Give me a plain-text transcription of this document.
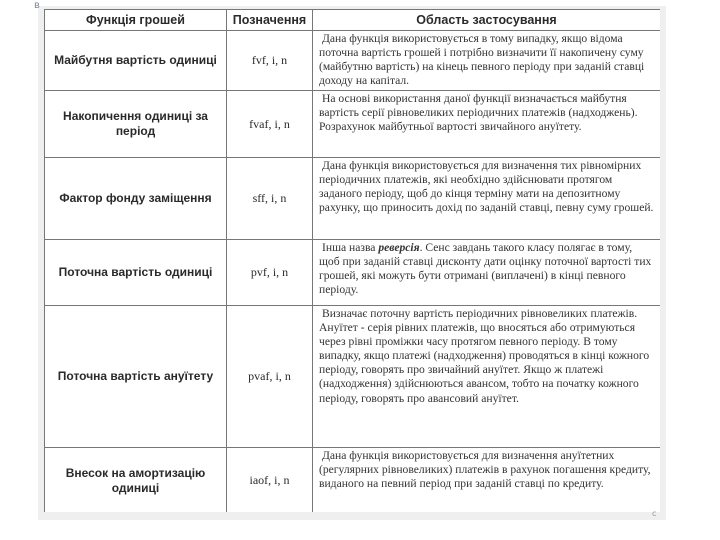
в
Функція грошей	Позначення	Область застосування
Майбутня вартість одиниці	fvf, i, n	Дана функція використовується в тому випадку, якщо відома поточна вартість грошей і потрібно визначити її накопичену суму (майбутню вартість) на кінець певного періоду при заданій ставці доходу на капітал.
Накопичення одиниці за період	fvaf, i, n	На основі використання даної функції визначається майбутня вартість серії рівновеликих періодичних платежів (надходжень). Розрахунок майбутньої вартості звичайного ануїтету.
Фактор фонду заміщення	sff, i, n	Дана функція використовується для визначення тих рівномірних періодичних платежів, які необхідно здійснювати протягом заданого періоду, щоб до кінця терміну мати на депозитному рахунку, що приносить дохід по заданій ставці, певну суму грошей.
Поточна вартість одиниці	pvf, i, n	Інша назва реверсія. Сенс завдань такого класу полягає в тому, щоб при заданій ставці дисконту дати оцінку поточної вартості тих грошей, які можуть бути отримані (виплачені) в кінці певного періоду.
Поточна вартість ануїтету	pvaf, i, n	Визначає поточну вартість періодичних рівновеликих платежів. Ануїтет - серія рівних платежів, що вносяться або отримуються через рівні проміжки часу протягом певного періоду. В тому випадку, якщо платежі (надходження) проводяться в кінці кожного періоду, говорять про звичайний ануїтет. Якщо ж платежі (надходження) здійснюються авансом, тобто на початку кожного періоду, говорять про авансовий ануїтет.
Внесок на амортизацію одиниці	iaof, i, n	Дана функція використовується для визначення ануїтетних (регулярних рівновеликих) платежів в рахунок погашення кредиту, виданого на певний період при заданій ставці по кредиту.
c
